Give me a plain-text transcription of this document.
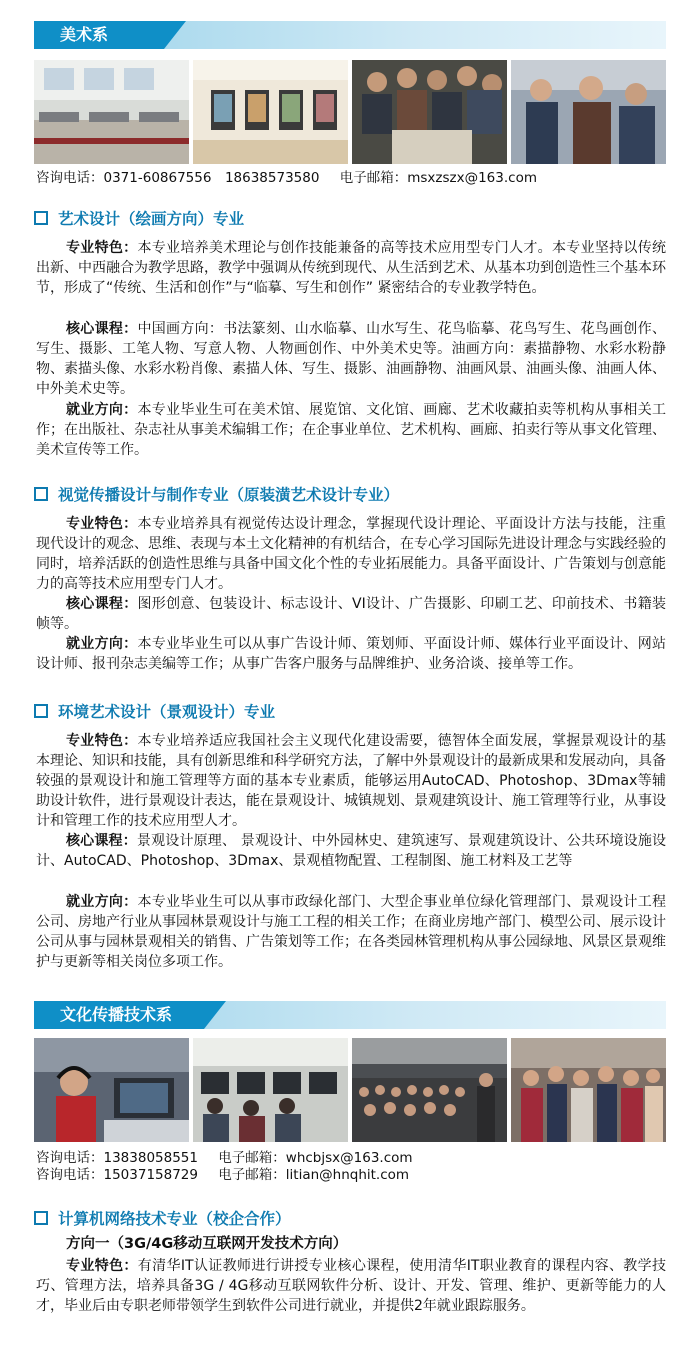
美术系
咨询电话：0371-60867556　18638573580 电子邮箱：msxzszx@163.com
艺术设计（绘画方向）专业
专业特色：本专业培养美术理论与创作技能兼备的高等技术应用型专门人才。本专业坚持以传统出新、中西融合为教学思路，教学中强调从传统到现代、从生活到艺术、从基本功到创造性三个基本环节，形成了“传统、生活和创作”与“临摹、写生和创作” 紧密结合的专业教学特色。
核心课程：中国画方向：书法篆刻、山水临摹、山水写生、花鸟临摹、花鸟写生、花鸟画创作、写生、摄影、工笔人物、写意人物、人物画创作、中外美术史等。油画方向：素描静物、水彩水粉静物、素描头像、水彩水粉肖像、素描人体、写生、摄影、油画静物、油画风景、油画头像、油画人体、中外美术史等。
就业方向：本专业毕业生可在美术馆、展览馆、文化馆、画廊、艺术收藏拍卖等机构从事相关工作；在出版社、杂志社从事美术编辑工作；在企事业单位、艺术机构、画廊、拍卖行等从事文化管理、美术宣传等工作。
视觉传播设计与制作专业（原装潢艺术设计专业）
专业特色：本专业培养具有视觉传达设计理念，掌握现代设计理论、平面设计方法与技能，注重现代设计的观念、思维、表现与本土文化精神的有机结合，在专心学习国际先进设计理念与实践经验的同时，培养活跃的创造性思维与具备中国文化个性的专业拓展能力。具备平面设计、广告策划与创意能力的高等技术应用型专门人才。
核心课程：图形创意、包装设计、标志设计、VI设计、广告摄影、印刷工艺、印前技术、书籍装帧等。
就业方向：本专业毕业生可以从事广告设计师、策划师、平面设计师、媒体行业平面设计、网站设计师、报刊杂志美编等工作；从事广告客户服务与品牌维护、业务洽谈、接单等工作。
环境艺术设计（景观设计）专业
专业特色：本专业培养适应我国社会主义现代化建设需要，德智体全面发展，掌握景观设计的基本理论、知识和技能，具有创新思维和科学研究方法，了解中外景观设计的最新成果和发展动向，具备较强的景观设计和施工管理等方面的基本专业素质，能够运用AutoCAD、Photoshop、3Dmax等辅助设计软件，进行景观设计表达，能在景观设计、城镇规划、景观建筑设计、施工管理等行业，从事设计和管理工作的技术应用型人才。
核心课程：景观设计原理、 景观设计、中外园林史、建筑速写、景观建筑设计、公共环境设施设计、AutoCAD、Photoshop、3Dmax、景观植物配置、工程制图、施工材料及工艺等
就业方向：本专业毕业生可以从事市政绿化部门、大型企事业单位绿化管理部门、景观设计工程公司、房地产行业从事园林景观设计与施工工程的相关工作；在商业房地产部门、模型公司、展示设计公司从事与园林景观相关的销售、广告策划等工作；在各类园林管理机构从事公园绿地、风景区景观维护与更新等相关岗位多项工作。
文化传播技术系
咨询电话：13838058551 电子邮箱：whcbjsx@163.com
咨询电话：15037158729 电子邮箱：litian@hnqhit.com
计算机网络技术专业（校企合作）
方向一（3G/4G移动互联网开发技术方向）
专业特色：有清华IT认证教师进行讲授专业核心课程，使用清华IT职业教育的课程内容、教学技巧、管理方法，培养具备3G / 4G移动互联网软件分析、设计、开发、管理、维护、更新等能力的人才，毕业后由专职老师带领学生到软件公司进行就业，并提供2年就业跟踪服务。
